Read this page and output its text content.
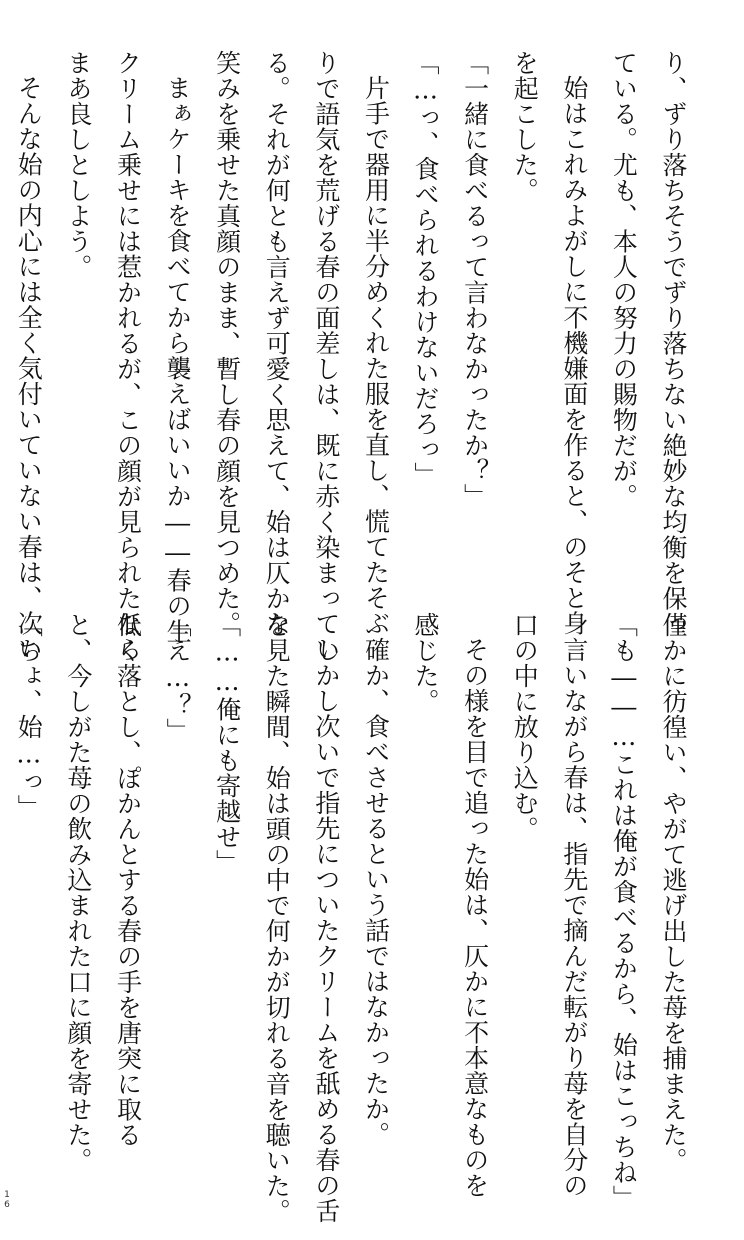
り、ずり落ちそうでずり落ちない絶妙な均衡を保っ
ている。尤も、本人の努力の賜物だが。
始はこれみよがしに不機嫌面を作ると、のそと身
を起こした。
「一緒に食べるって言わなかったか？」
「…っ、食べられるわけないだろっ」
片手で器用に半分めくれた服を直し、慌てたそぶ
りで語気を荒げる春の面差しは、既に赤く染まってい
る。それが何とも言えず可愛く思えて、始は仄かな
笑みを乗せた真顔のまま、暫し春の顔を見つめた。
まぁケーキを食べてから襲えばいいか――春の生
クリーム乗せには惹かれるが、この顔が見られたなら
まあ良しとしよう。
そんな始の内心には全く気付いていない春は、次い
僅かに彷徨い、やがて逃げ出した苺を捕まえた。
「も――…これは俺が食べるから、始はこっちね」
言いながら春は、指先で摘んだ転がり苺を自分の
口の中に放り込む。
その様を目で追った始は、仄かに不本意なものを
感じた。
確か、食べさせるという話ではなかったか。
しかし次いで指先についたクリームを舐める春の舌
を見た瞬間、始は頭の中で何かが切れる音を聴いた。
「……俺にも寄越せ」
「え…？」
低く落とし、ぽかんとする春の手を唐突に取る
と、今しがた苺の飲み込まれた口に顔を寄せた。
「ちょ、始…っ」
16
